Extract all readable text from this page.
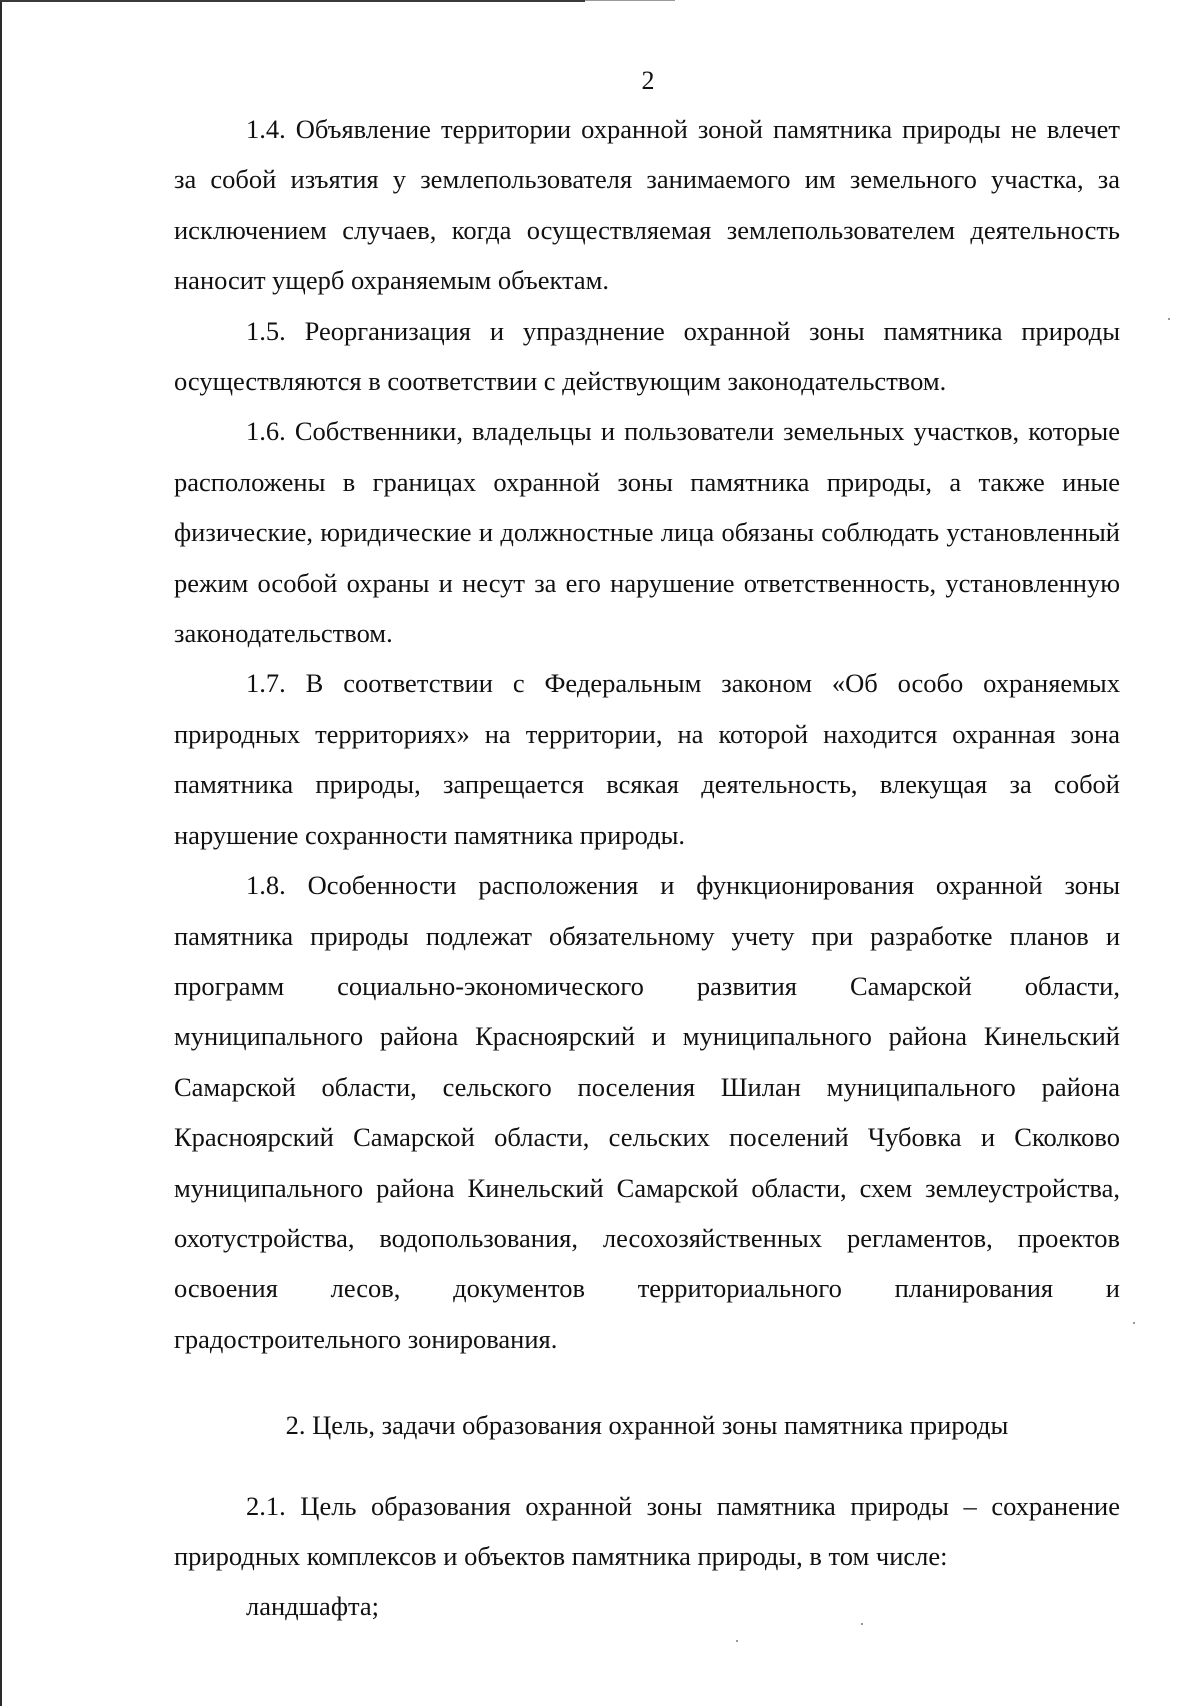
2

1.4. Объявление территории охранной зоной памятника природы не влечет за собой изъятия у землепользователя занимаемого им земельного участка, за исключением случаев, когда осуществляемая землепользователем деятельность наносит ущерб охраняемым объектам.

1.5. Реорганизация и упразднение охранной зоны памятника природы осуществляются в соответствии с действующим законодательством.

1.6. Собственники, владельцы и пользователи земельных участков, которые расположены в границах охранной зоны памятника природы, а также иные физические, юридические и должностные лица обязаны соблюдать установленный режим особой охраны и несут за его нарушение ответственность, установленную законодательством.

1.7. В соответствии с Федеральным законом «Об особо охраняемых природных территориях» на территории, на которой находится охранная зона памятника природы, запрещается всякая деятельность, влекущая за собой нарушение сохранности памятника природы.

1.8. Особенности расположения и функционирования охранной зоны памятника природы подлежат обязательному учету при разработке планов и программ социально-экономического развития Самарской области, муниципального района Красноярский и муниципального района Кинельский Самарской области, сельского поселения Шилан муниципального района Красноярский Самарской области, сельских поселений Чубовка и Сколково муниципального района Кинельский Самарской области, схем землеустройства, охотустройства, водопользования, лесохозяйственных регламентов, проектов освоения лесов, документов территориального планирования и градостроительного зонирования.

2. Цель, задачи образования охранной зоны памятника природы

2.1. Цель образования охранной зоны памятника природы – сохранение природных комплексов и объектов памятника природы, в том числе:

ландшафта;
